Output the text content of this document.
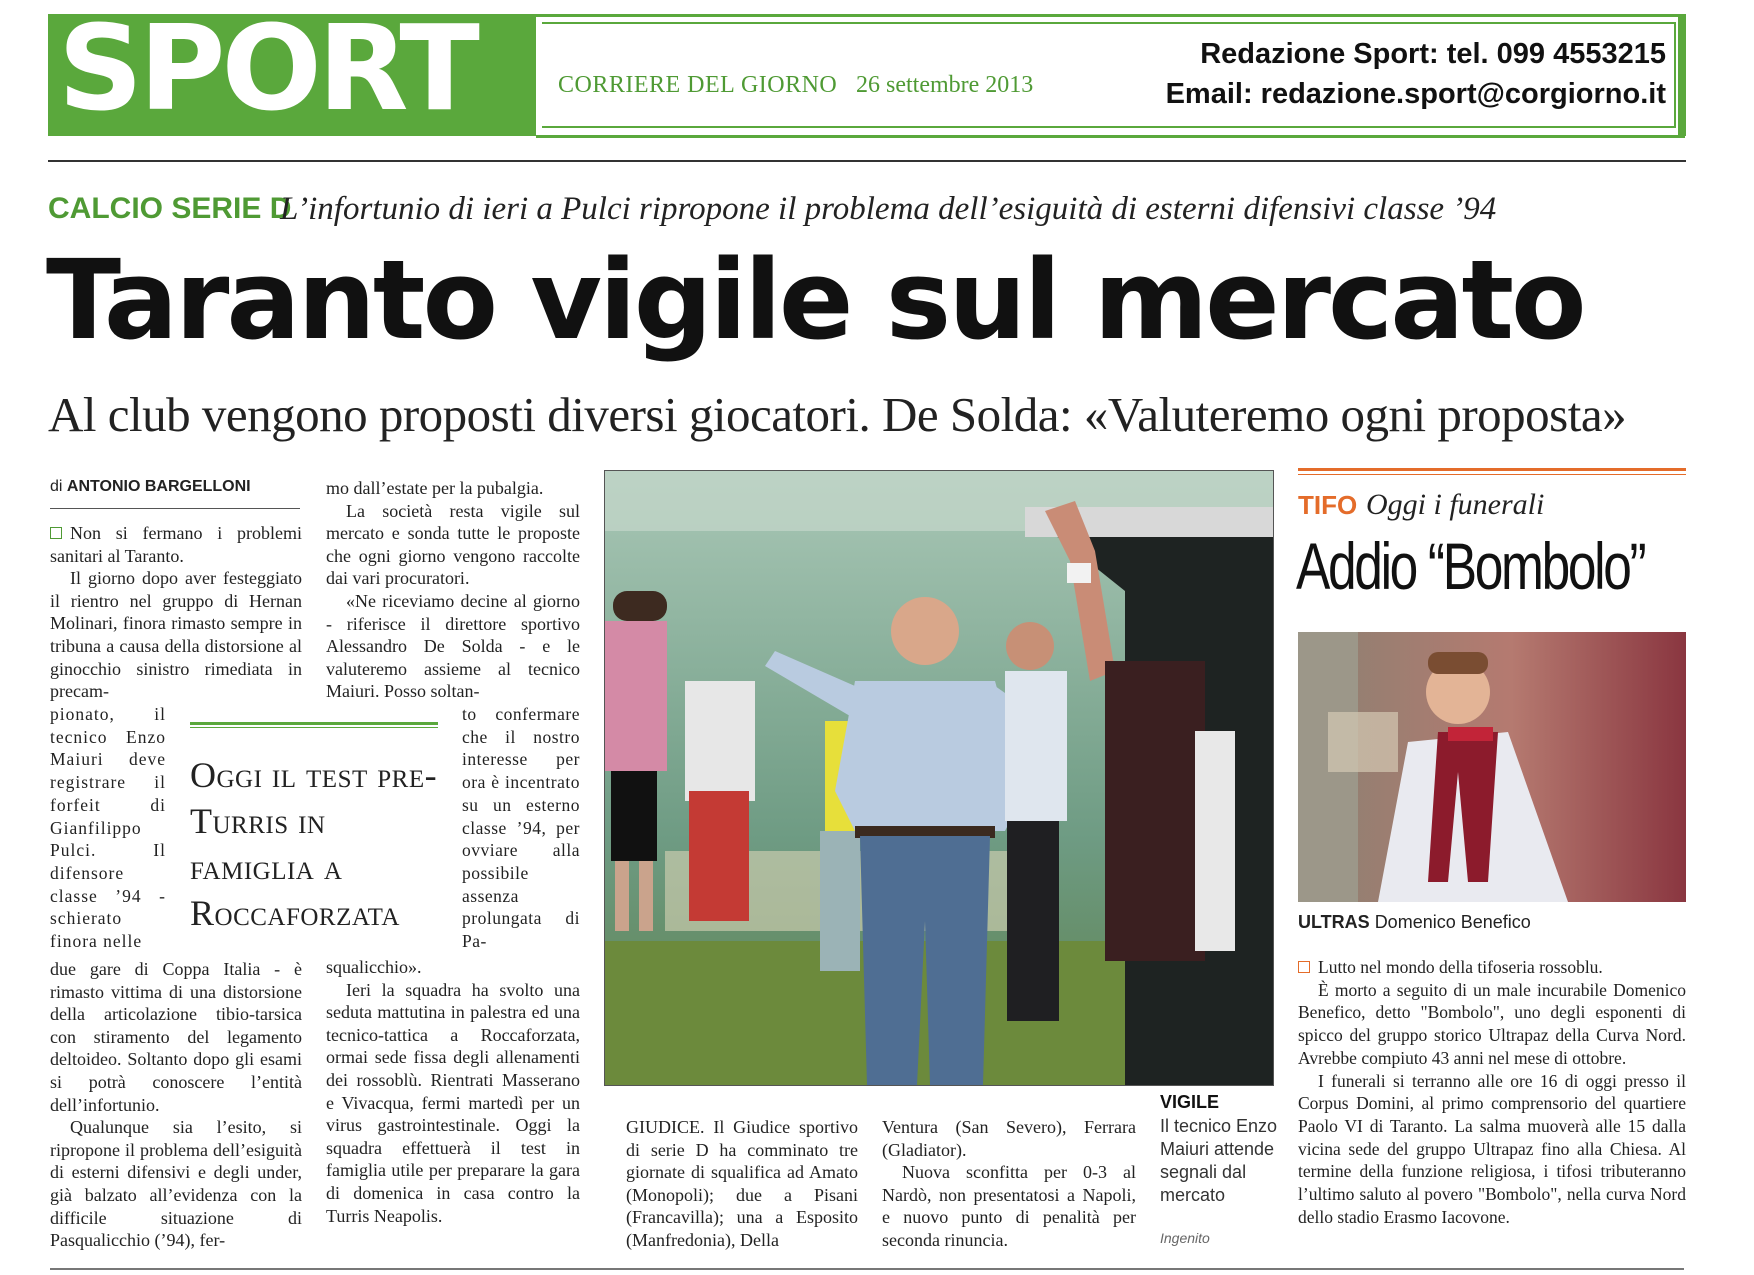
SPORT	CORRIERE DEL GIORNO 26 settembre 2013
Redazione Sport: tel. 099 4553215
Email: redazione.sport@corgiorno.it
CALCIO SERIE D
L’infortunio di ieri a Pulci ripropone il problema dell’esiguità di esterni difensivi classe ’94
Taranto vigile sul mercato
Al club vengono proposti diversi giocatori. De Solda: «Valuteremo ogni proposta»
di ANTONIO BARGELLONI

Non si fermano i problemi sanitari al Taranto.

Il giorno dopo aver festeggiato il rientro nel gruppo di Hernan Molinari, finora rimasto sempre in tribuna a causa della distorsione al ginocchio sinistro rimediata in precam-

pionato, il tecnico Enzo Maiuri deve registrare il forfeit di Gianfilippo Pulci. Il difensore classe ’94 - schierato finora nelle

due gare di Coppa Italia - è rimasto vittima di una distorsione della articolazione tibio-tarsica con stiramento del legamento deltoideo. Soltanto dopo gli esami si potrà conoscere l’entità dell’infortunio.

Qualunque sia l’esito, si ripropone il problema dell’esiguità di esterni difensivi e degli under, già balzato all’evidenza con la difficile situazione di Pasqualicchio (’94), fer-

Oggi il test pre-Turris in famiglia a Roccaforzata

mo dall’estate per la pubalgia.

La società resta vigile sul mercato e sonda tutte le proposte che ogni giorno vengono raccolte dai vari procuratori.

«Ne riceviamo decine al giorno - riferisce il direttore sportivo Alessandro De Solda - e le valuteremo assieme al tecnico Maiuri. Posso soltan-

to confermare che il nostro interesse per ora è incentrato su un esterno classe ’94, per ovviare alla possibile assenza prolungata di Pa-

squalicchio».

Ieri la squadra ha svolto una seduta mattutina in palestra ed una tecnico-tattica a Roccaforzata, ormai sede fissa degli allenamenti dei rossoblù. Rientrati Masserano e Vivacqua, fermi martedì per un virus gastrointestinale. Oggi la squadra effettuerà il test in famiglia utile per preparare la gara di domenica in casa contro la Turris Neapolis.

VIGILE
Il tecnico Enzo Maiuri attende segnali dal mercato
Ingenito

GIUDICE. Il Giudice sportivo di serie D ha comminato tre giornate di squalifica ad Amato (Monopoli); due a Pisani (Francavilla); una a Esposito (Manfredonia), Della

Ventura (San Severo), Ferrara (Gladiator).

Nuova sconfitta per 0-3 al Nardò, non presentatosi a Napoli, e nuovo punto di penalità per seconda rinuncia.

TIFO Oggi i funerali
Addio “Bombolo”
ULTRAS Domenico Benefico

Lutto nel mondo della tifoseria rossoblu.

È morto a seguito di un male incurabile Domenico Benefico, detto "Bombolo", uno degli esponenti di spicco del gruppo storico Ultrapaz della Curva Nord. Avrebbe compiuto 43 anni nel mese di ottobre.

I funerali si terranno alle ore 16 di oggi presso il Corpus Domini, al primo comprensorio del quartiere Paolo VI di Taranto. La salma muoverà alle 15 dalla vicina sede del gruppo Ultrapaz fino alla Chiesa. Al termine della funzione religiosa, i tifosi tributeranno l’ultimo saluto al povero "Bombolo", nella curva Nord dello stadio Erasmo Iacovone.
